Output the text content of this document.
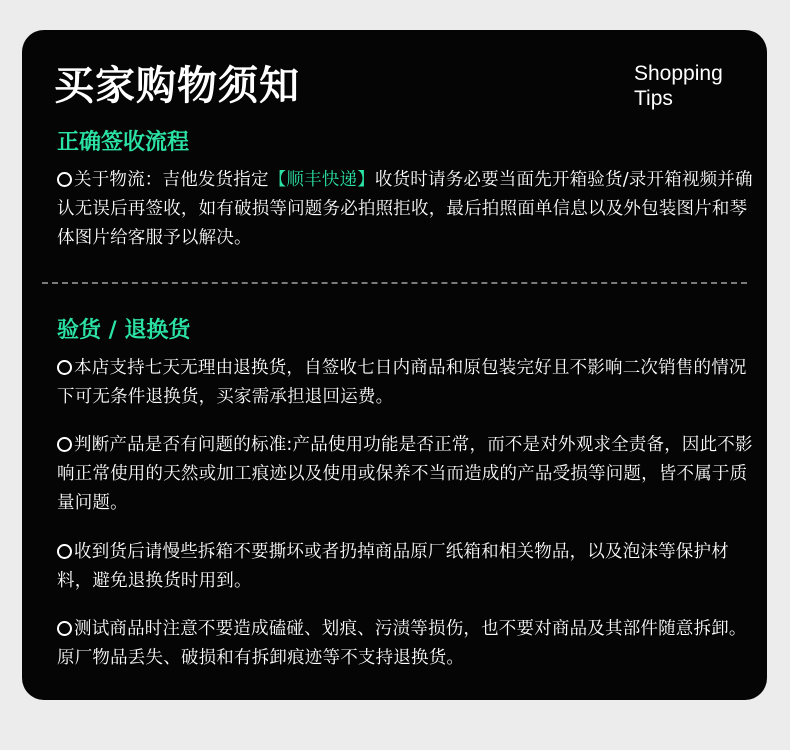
买家购物须知	Shopping
Tips
正确签收流程
关于物流：吉他发货指定【顺丰快递】收货时请务必要当面先开箱验货/录开箱视频并确认无误后再签收，如有破损等问题务必拍照拒收，最后拍照面单信息以及外包装图片和琴体图片给客服予以解决。
验货 / 退换货
本店支持七天无理由退换货，自签收七日内商品和原包装完好且不影响二次销售的情况下可无条件退换货，买家需承担退回运费。
判断产品是否有问题的标准:产品使用功能是否正常，而不是对外观求全责备，因此不影响正常使用的天然或加工痕迹以及使用或保养不当而造成的产品受损等问题，皆不属于质量问题。
收到货后请慢些拆箱不要撕坏或者扔掉商品原厂纸箱和相关物品，以及泡沫等保护材料，避免退换货时用到。
测试商品时注意不要造成磕碰、划痕、污渍等损伤，也不要对商品及其部件随意拆卸。原厂物品丢失、破损和有拆卸痕迹等不支持退换货。
